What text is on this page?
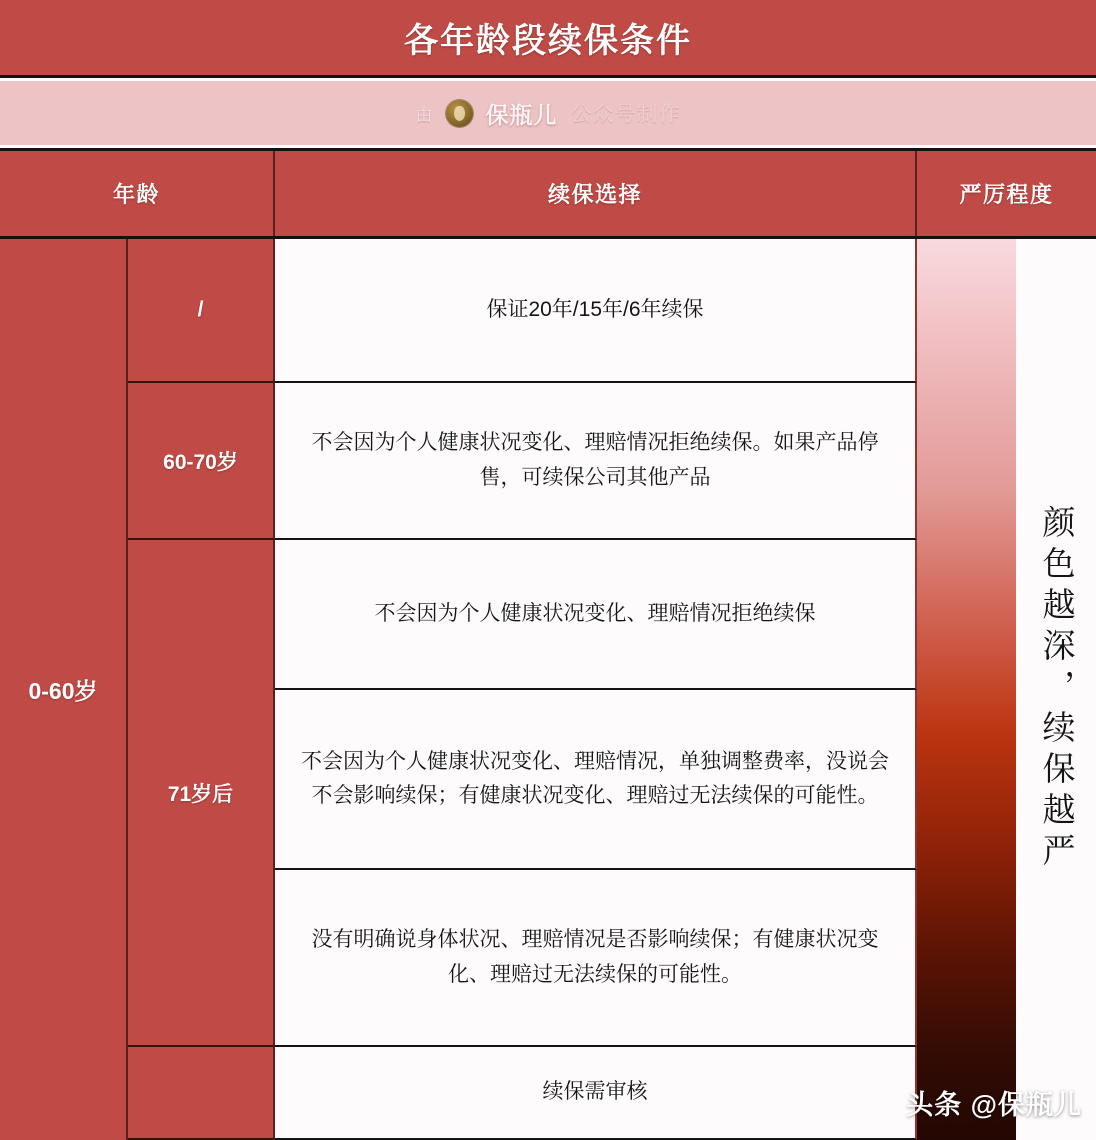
各年龄段续保条件
由 保瓶儿 公众号制作
年龄	续保选择	严厉程度
0-60岁
/
60-70岁
71岁后
保证20年/15年/6年续保
不会因为个人健康状况变化、理赔情况拒绝续保。如果产品停售，可续保公司其他产品
不会因为个人健康状况变化、理赔情况拒绝续保
不会因为个人健康状况变化、理赔情况，单独调整费率，没说会不会影响续保；有健康状况变化、理赔过无法续保的可能性。
没有明确说身体状况、理赔情况是否影响续保；有健康状况变化、理赔过无法续保的可能性。
续保需审核
颜色越深，续保越严
头条 @保瓶儿
